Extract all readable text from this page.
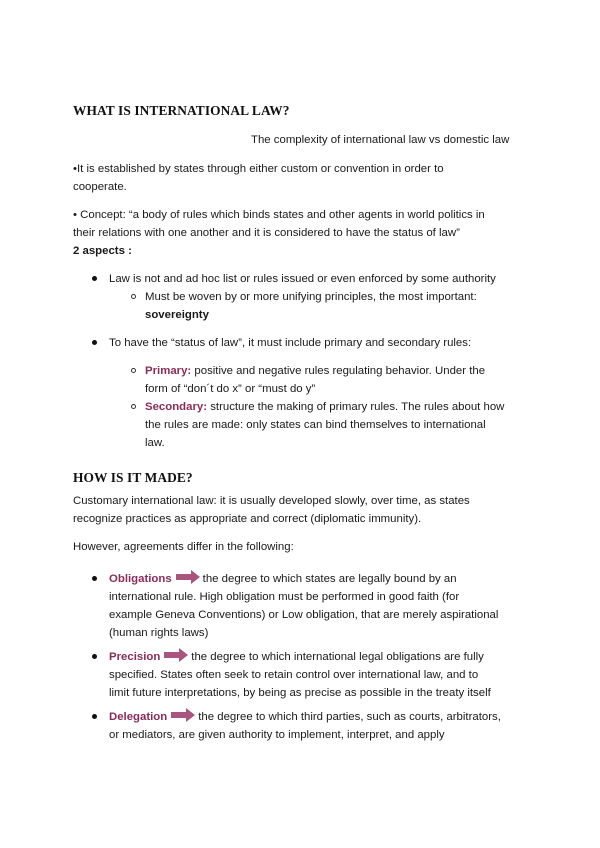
WHAT IS INTERNATIONAL LAW?
The complexity of international law vs domestic law
•It is established by states through either custom or convention in order to
cooperate.
• Concept: “a body of rules which binds states and other agents in world politics in
their relations with one another and it is considered to have the status of law”
2 aspects :
Law is not and ad hoc list or rules issued or even enforced by some authority
Must be woven by or more unifying principles, the most important:
sovereignty
To have the “status of law”, it must include primary and secondary rules:
Primary: positive and negative rules regulating behavior. Under the
form of “don´t do x” or “must do y”
Secondary: structure the making of primary rules. The rules about how
the rules are made: only states can bind themselves to international
law.
HOW IS IT MADE?
Customary international law: it is usually developed slowly, over time, as states
recognize practices as appropriate and correct (diplomatic immunity).
However, agreements differ in the following:
Obligations	the degree to which states are legally bound by an
international rule. High obligation must be performed in good faith (for
example Geneva Conventions) or Low obligation, that are merely aspirational
(human rights laws)
Precision	the degree to which international legal obligations are fully
specified. States often seek to retain control over international law, and to
limit future interpretations, by being as precise as possible in the treaty itself
Delegation	the degree to which third parties, such as courts, arbitrators,
or mediators, are given authority to implement, interpret, and apply
